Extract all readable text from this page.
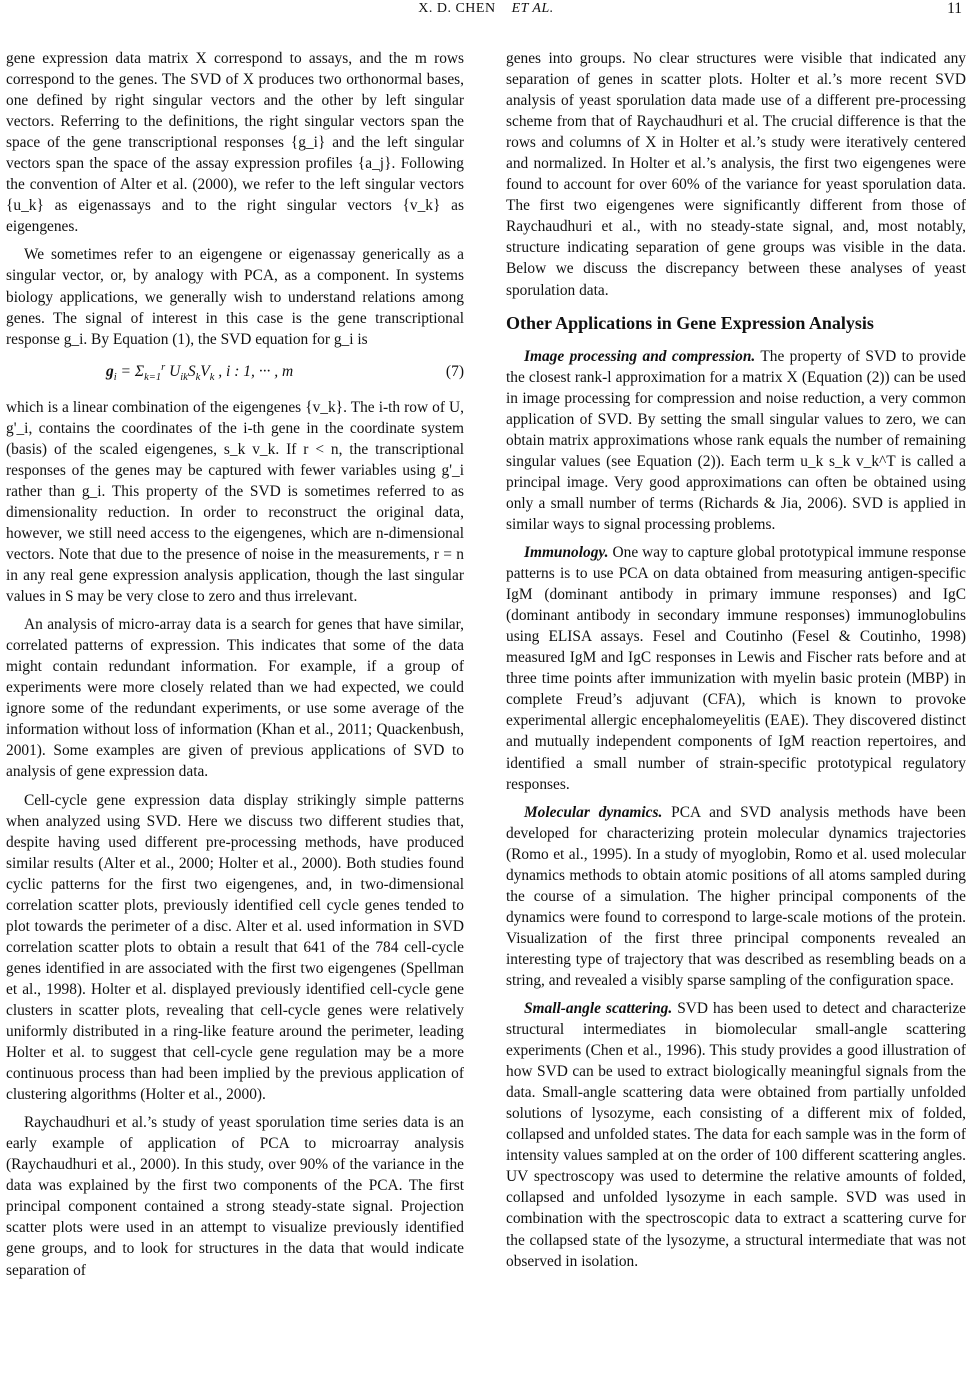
X. D. CHEN ET AL.	11

gene expression data matrix X correspond to assays, and the m rows correspond to the genes. The SVD of X produces two orthonormal bases, one defined by right singular vectors and the other by left singular vectors. Referring to the definitions, the right singular vectors span the space of the gene transcriptional responses {g_i} and the left singular vectors span the space of the assay expression profiles {a_j}. Following the convention of Alter et al. (2000), we refer to the left singular vectors {u_k} as eigenassays and to the right singular vectors {v_k} as eigengenes.

We sometimes refer to an eigengene or eigenassay generically as a singular vector, or, by analogy with PCA, as a component. In systems biology applications, we generally wish to understand relations among genes. The signal of interest in this case is the gene transcriptional response g_i. By Equation (1), the SVD equation for g_i is

$g_i = \Sigma_{k=1}^r$ $U_{ik}S_kV_k$ , i : 1, ··· , m	(7)

which is a linear combination of the eigengenes {v_k}. The i-th row of U, g'_i, contains the coordinates of the i-th gene in the coordinate system (basis) of the scaled eigengenes, s_k v_k. If r < n, the transcriptional responses of the genes may be captured with fewer variables using g'_i rather than g_i. This property of the SVD is sometimes referred to as dimensionality reduction. In order to reconstruct the original data, however, we still need access to the eigengenes, which are n-dimensional vectors. Note that due to the presence of noise in the measurements, r = n in any real gene expression analysis application, though the last singular values in S may be very close to zero and thus irrelevant.

An analysis of micro-array data is a search for genes that have similar, correlated patterns of expression. This indicates that some of the data might contain redundant information. For example, if a group of experiments were more closely related than we had expected, we could ignore some of the redundant experiments, or use some average of the information without loss of information (Khan et al., 2011; Quackenbush, 2001). Some examples are given of previous applications of SVD to analysis of gene expression data.

Cell-cycle gene expression data display strikingly simple patterns when analyzed using SVD. Here we discuss two different studies that, despite having used different pre-processing methods, have produced similar results (Alter et al., 2000; Holter et al., 2000). Both studies found cyclic patterns for the first two eigengenes, and, in two-dimensional correlation scatter plots, previously identified cell cycle genes tended to plot towards the perimeter of a disc. Alter et al. used information in SVD correlation scatter plots to obtain a result that 641 of the 784 cell-cycle genes identified in are associated with the first two eigengenes (Spellman et al., 1998). Holter et al. displayed previously identified cell-cycle gene clusters in scatter plots, revealing that cell-cycle genes were relatively uniformly distributed in a ring-like feature around the perimeter, leading Holter et al. to suggest that cell-cycle gene regulation may be a more continuous process than had been implied by the previous application of clustering algorithms (Holter et al., 2000).

Raychaudhuri et al.’s study of yeast sporulation time series data is an early example of application of PCA to microarray analysis (Raychaudhuri et al., 2000). In this study, over 90% of the variance in the data was explained by the first two components of the PCA. The first principal component contained a strong steady-state signal. Projection scatter plots were used in an attempt to visualize previously identified gene groups, and to look for structures in the data that would indicate separation of

genes into groups. No clear structures were visible that indicated any separation of genes in scatter plots. Holter et al.’s more recent SVD analysis of yeast sporulation data made use of a different pre-processing scheme from that of Raychaudhuri et al. The crucial difference is that the rows and columns of X in Holter et al.’s study were iteratively centered and normalized. In Holter et al.’s analysis, the first two eigengenes were found to account for over 60% of the variance for yeast sporulation data. The first two eigengenes were significantly different from those of Raychaudhuri et al., with no steady-state signal, and, most notably, structure indicating separation of gene groups was visible in the data. Below we discuss the discrepancy between these analyses of yeast sporulation data.

Other Applications in Gene Expression Analysis

Image processing and compression. The property of SVD to provide the closest rank-l approximation for a matrix X (Equation (2)) can be used in image processing for compression and noise reduction, a very common application of SVD. By setting the small singular values to zero, we can obtain matrix approximations whose rank equals the number of remaining singular values (see Equation (2)). Each term u_k s_k v_k^T is called a principal image. Very good approximations can often be obtained using only a small number of terms (Richards & Jia, 2006). SVD is applied in similar ways to signal processing problems.

Immunology. One way to capture global prototypical immune response patterns is to use PCA on data obtained from measuring antigen-specific IgM (dominant antibody in primary immune responses) and IgC (dominant antibody in secondary immune responses) immunoglobulins using ELISA assays. Fesel and Coutinho (Fesel & Coutinho, 1998) measured IgM and IgC responses in Lewis and Fischer rats before and at three time points after immunization with myelin basic protein (MBP) in complete Freud’s adjuvant (CFA), which is known to provoke experimental allergic encephalomeyelitis (EAE). They discovered distinct and mutually independent components of IgM reaction repertoires, and identified a small number of strain-specific prototypical regulatory responses.

Molecular dynamics. PCA and SVD analysis methods have been developed for characterizing protein molecular dynamics trajectories (Romo et al., 1995). In a study of myoglobin, Romo et al. used molecular dynamics methods to obtain atomic positions of all atoms sampled during the course of a simulation. The higher principal components of the dynamics were found to correspond to large-scale motions of the protein. Visualization of the first three principal components revealed an interesting type of trajectory that was described as resembling beads on a string, and revealed a visibly sparse sampling of the configuration space.

Small-angle scattering. SVD has been used to detect and characterize structural intermediates in biomolecular small-angle scattering experiments (Chen et al., 1996). This study provides a good illustration of how SVD can be used to extract biologically meaningful signals from the data. Small-angle scattering data were obtained from partially unfolded solutions of lysozyme, each consisting of a different mix of folded, collapsed and unfolded states. The data for each sample was in the form of intensity values sampled at on the order of 100 different scattering angles. UV spectroscopy was used to determine the relative amounts of folded, collapsed and unfolded lysozyme in each sample. SVD was used in combination with the spectroscopic data to extract a scattering curve for the collapsed state of the lysozyme, a structural intermediate that was not observed in isolation.
